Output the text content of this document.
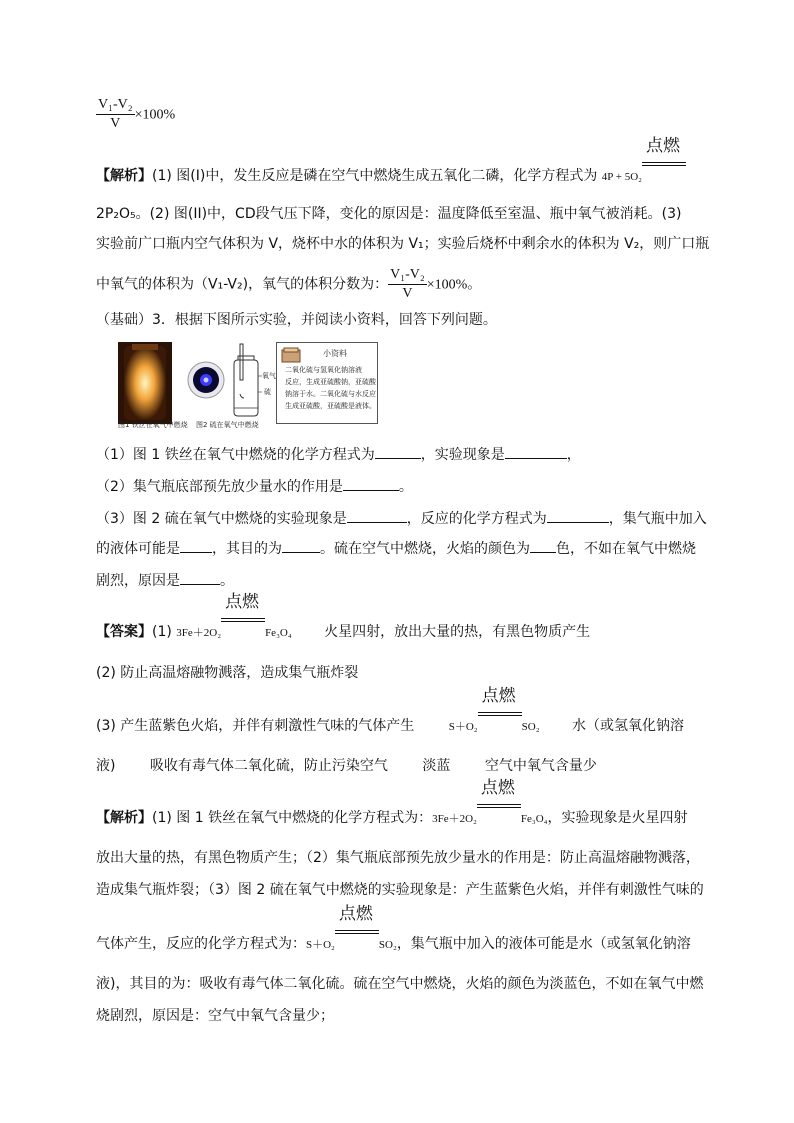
$\frac{\text{V₁-V₂}}{V} \times 100\%$
【解析】(1) 图(I)中，发生反应是磷在空气中燃烧生成五氧化二磷，化学方程式为 4P + 5O₂
点燃
2P₂O₅。(2) 图(II)中，CD段气压下降，变化的原因是：温度降低至室温、瓶中氧气被消耗。(3)
实验前广口瓶内空气体积为 V，烧杯中水的体积为 V₁；实验后烧杯中剩余水的体积为 V₂，则广口瓶
中氧气的体积为（V₁-V₂)，氧气的体积分数为： $\frac{\text{V₁-V₂}}{V} \times 100\%$。
（基础）3．根据下图所示实验，并阅读小资料，回答下列问题。
图1 铁丝在氧气中燃烧
氧气
硫
图2 硫在氧气中燃烧
小资料
二氧化硫与氢氧化钠溶液
反应，生成亚硫酸钠，亚硫酸
钠溶于水。二氧化硫与水反应
生成亚硫酸，亚硫酸是液体。
（1）图 1 铁丝在氧气中燃烧的化学方程式为	，实验现象是	，
（2）集气瓶底部预先放少量水的作用是	。
（3）图 2 硫在氧气中燃烧的实验现象是	，反应的化学方程式为	，集气瓶中加入
的液体可能是 ，其目的为	。硫在空气中燃烧，火焰的颜色为 色，不如在氧气中燃烧
剧烈，原因是	。
【答案】(1) 3Fe＋2O₂
点燃
Fe₃O₄ 火星四射，放出大量的热，有黑色物质产生
(2) 防止高温熔融物溅落，造成集气瓶炸裂
(3) 产生蓝紫色火焰，并伴有刺激性气味的气体产生	S＋O₂
点燃
SO₂ 水（或氢氧化钠溶
液) 吸收有毒气体二氧化硫，防止污染空气 淡蓝 空气中氧气含量少
【解析】(1) 图 1 铁丝在氧气中燃烧的化学方程式为：3Fe＋2O₂
点燃
Fe₃O₄，实验现象是火星四射
放出大量的热，有黑色物质产生；（2）集气瓶底部预先放少量水的作用是：防止高温熔融物溅落，
造成集气瓶炸裂；（3）图 2 硫在氧气中燃烧的实验现象是：产生蓝紫色火焰，并伴有刺激性气味的
气体产生，反应的化学方程式为：S＋O₂
点燃
SO₂，集气瓶中加入的液体可能是水（或氢氧化钠溶
液)，其目的为：吸收有毒气体二氧化硫。硫在空气中燃烧，火焰的颜色为淡蓝色，不如在氧气中燃
烧剧烈，原因是：空气中氧气含量少；
